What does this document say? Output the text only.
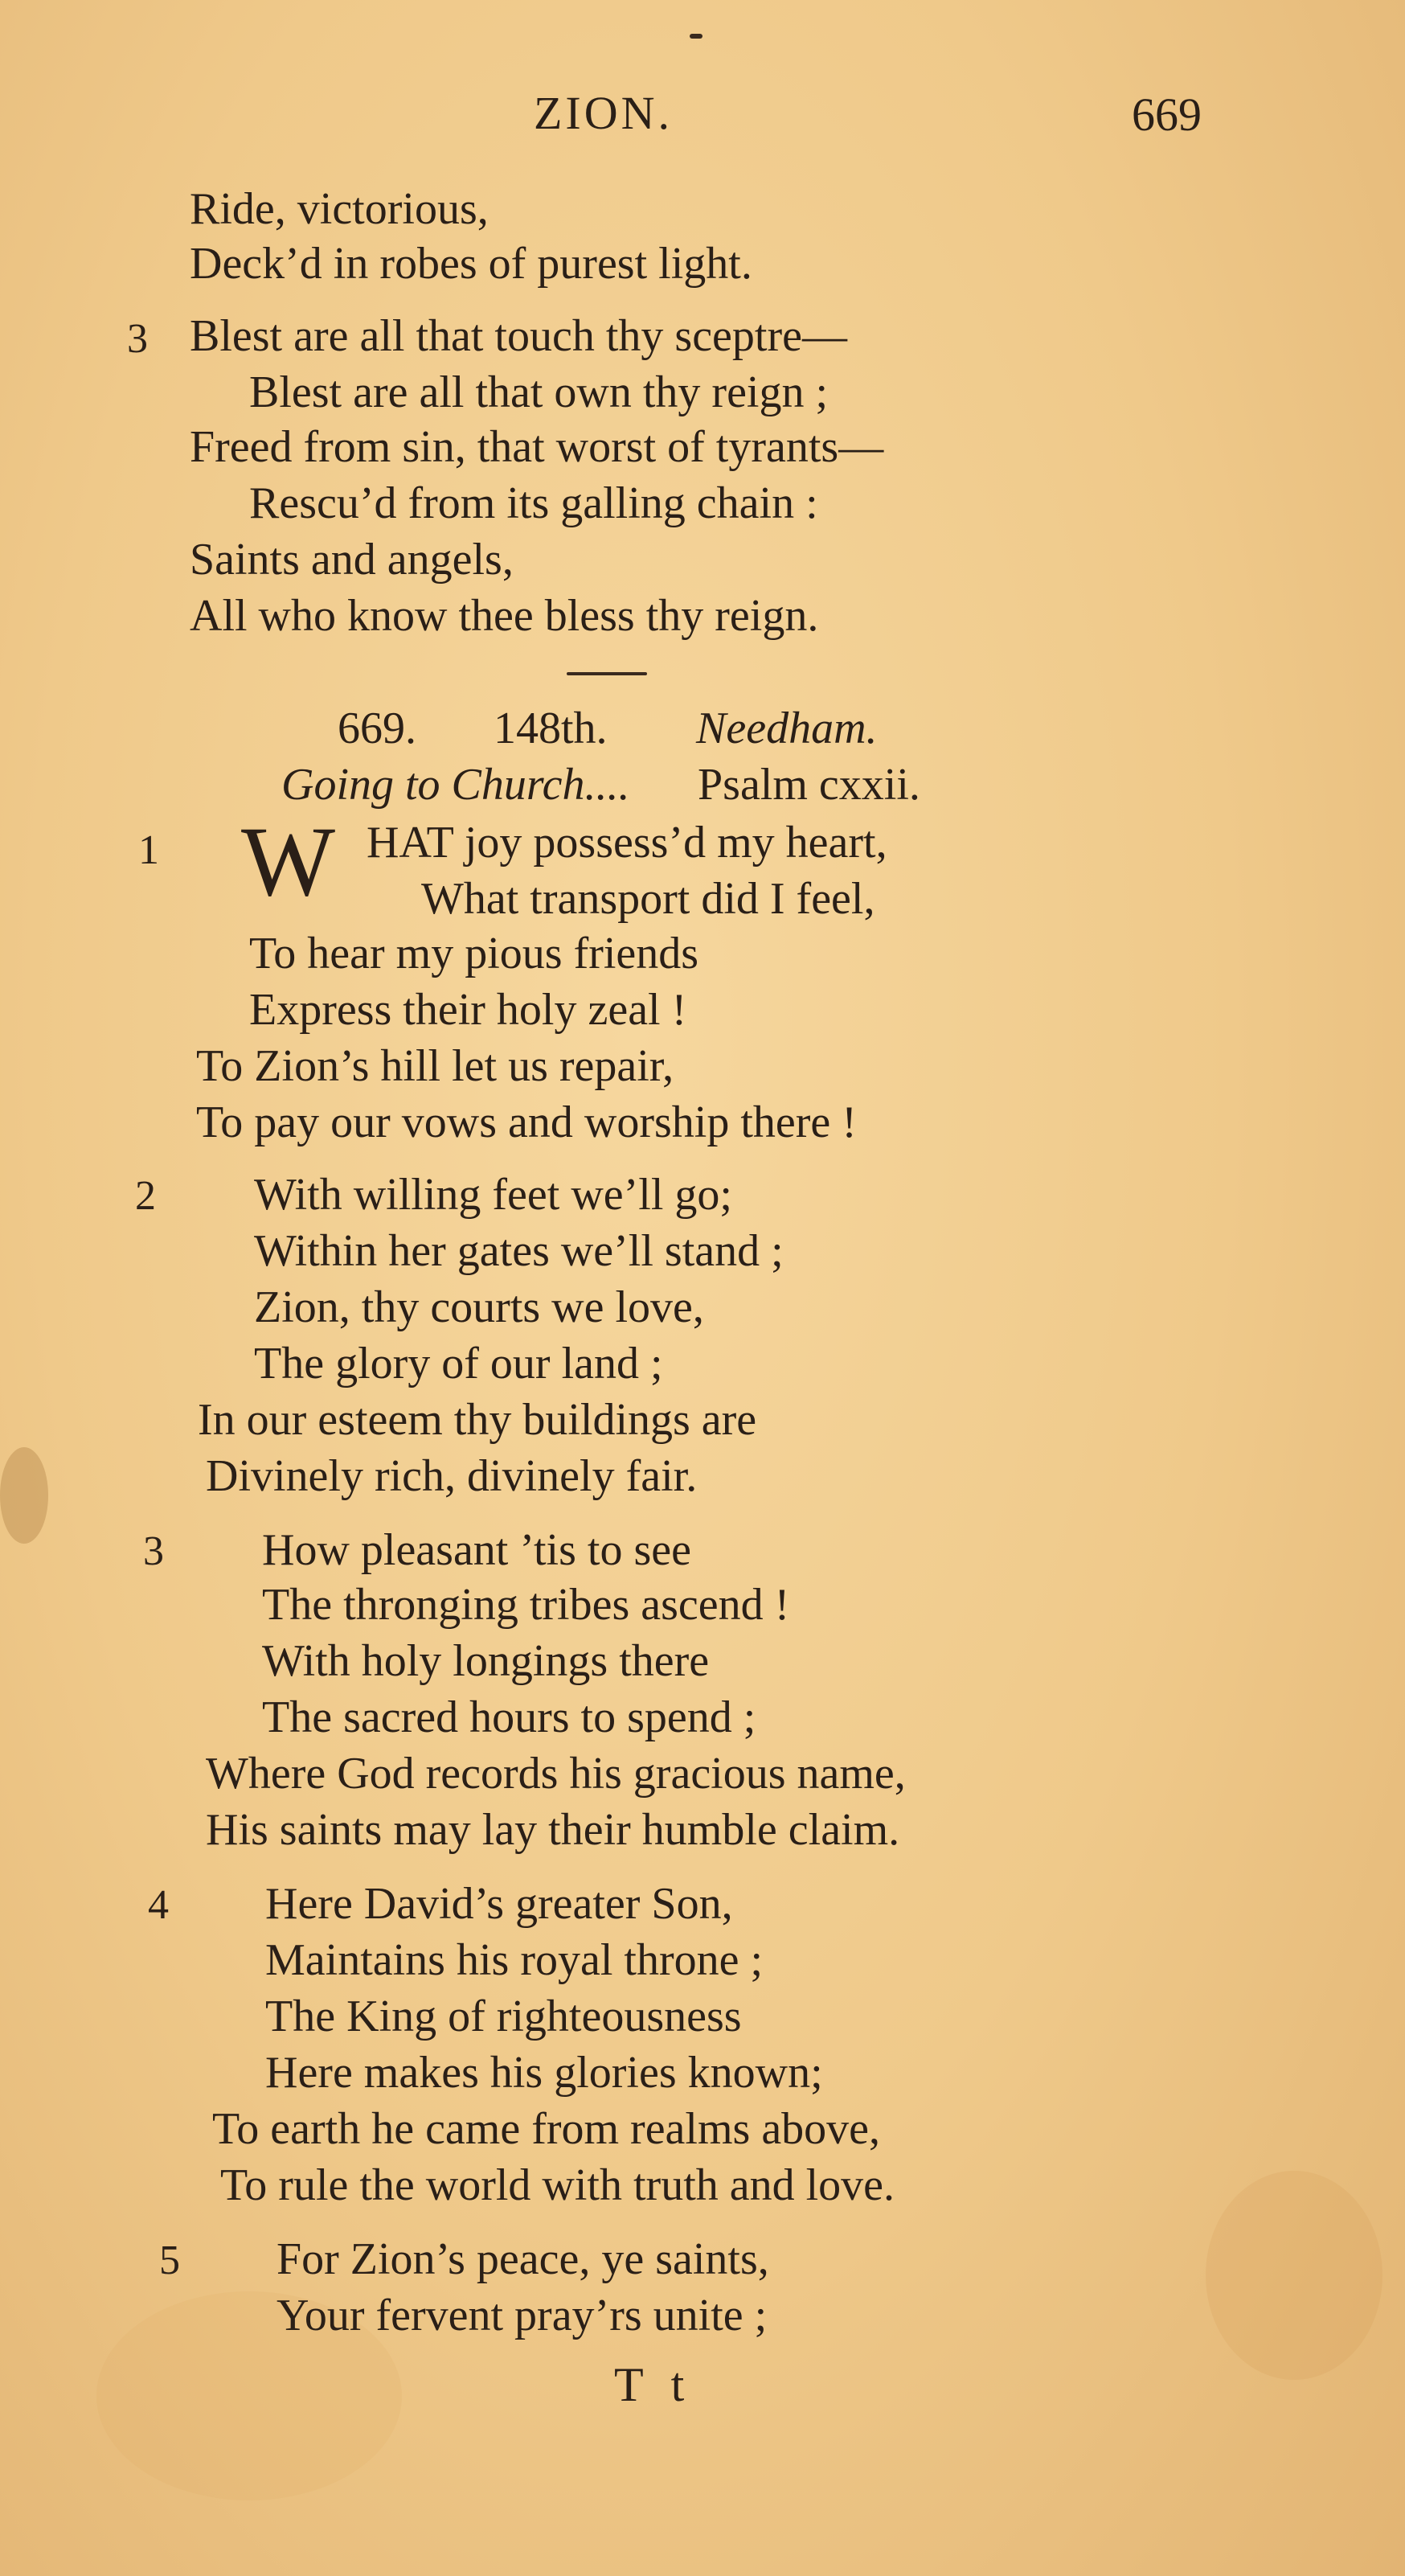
ZION.	669
Ride, victorious,
Deck’d in robes of purest light.
3 Blest are all that touch thy sceptre—
Blest are all that own thy reign ;
Freed from sin, that worst of tyrants—
Rescu’d from its galling chain :
Saints and angels,
All who know thee bless thy reign.
669. 148th. Needham.
Going to Church.... Psalm cxxii.
1 W HAT joy possess’d my heart,
What transport did I feel,
To hear my pious friends
Express their holy zeal !
To Zion’s hill let us repair,
To pay our vows and worship there !
2 With willing feet we’ll go;
Within her gates we’ll stand ;
Zion, thy courts we love,
The glory of our land ;
In our esteem thy buildings are
Divinely rich, divinely fair.
3 How pleasant ’tis to see
The thronging tribes ascend !
With holy longings there
The sacred hours to spend ;
Where God records his gracious name,
His saints may lay their humble claim.
4 Here David’s greater Son,
Maintains his royal throne ;
The King of righteousness
Here makes his glories known;
To earth he came from realms above,
To rule the world with truth and love.
5 For Zion’s peace, ye saints,
Your fervent pray’rs unite ;
T t
